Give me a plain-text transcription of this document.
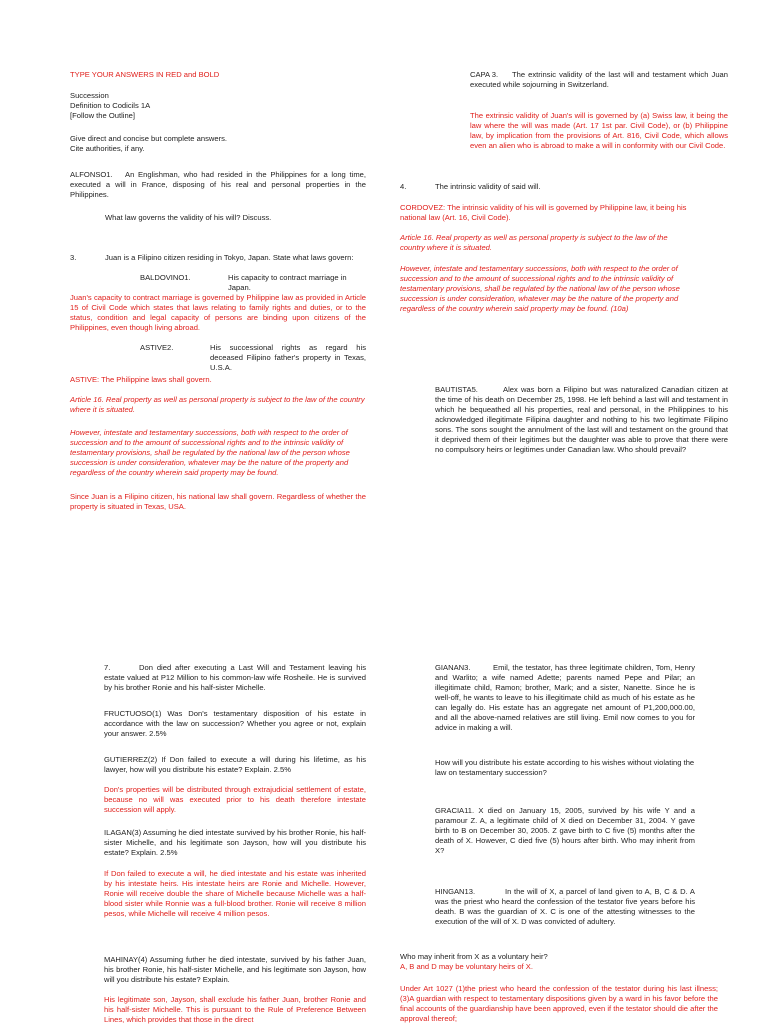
TYPE YOUR ANSWERS IN RED and BOLD

Succession
Definition to Codicils 1A
[Follow the Outline]
Give direct and concise but complete answers.
Cite authorities, if any.
ALFONSO1. An Englishman, who had resided in the Philippines for a long time, executed a will in France, disposing of his real and personal properties in the Philippines.

What law governs the validity of his will? Discuss.

3.	Juan is a Filipino citizen residing in Tokyo, Japan. State what laws govern:
BALDOVINO1.	His capacity to contract marriage in Japan.

Juan's capacity to contract marriage is governed by Philippine law as provided in Article 15 of Civil Code which states that laws relating to family rights and duties, or to the status, condition and legal capacity of persons are binding upon citizens of the Philippines, even though living abroad.

ASTIVE2.	His successional rights as regard his deceased Filipino father's property in Texas, U.S.A.

ASTIVE: The Philippine laws shall govern.

Article 16. Real property as well as personal property is subject to the law of the country where it is situated.

However, intestate and testamentary successions, both with respect to the order of succession and to the amount of successional rights and to the intrinsic validity of testamentary provisions, shall be regulated by the national law of the person whose succession is under consideration, whatever may be the nature of the property and regardless of the country wherein said property may be found.

Since Juan is a Filipino citizen, his national law shall govern. Regardless of whether the property is situated in Texas, USA.

CAPA 3. The extrinsic validity of the last will and testament which Juan executed while sojourning in Switzerland.

The extrinsic validity of Juan's will is governed by (a) Swiss law, it being the law where the will was made (Art. 17 1st par. Civil Code), or (b) Philippine law, by implication from the provisions of Art. 816, Civil Code, which allows even an alien who is abroad to make a will in conformity with our Civil Code.

4.	The intrinsic validity of said will.

CORDOVEZ: The intrinsic validity of his will is governed by Philippine law, it being his national law (Art. 16, Civil Code).

Article 16. Real property as well as personal property is subject to the law of the country where it is situated.

However, intestate and testamentary successions, both with respect to the order of succession and to the amount of successional rights and to the intrinsic validity of testamentary provisions, shall be regulated by the national law of the person whose succession is under consideration, whatever may be the nature of the property and regardless of the country wherein said property may be found. (10a)

BAUTISTA5.	Alex was born a Filipino but was naturalized Canadian citizen at the time of his death on December 25, 1998. He left behind a last will and testament in which he bequeathed all his properties, real and personal, in the Philippines to his acknowledged illegitimate Filipina daughter and nothing to his two legitimate Filipino sons. The sons sought the annulment of the last will and testament on the ground that it deprived them of their legitimes but the daughter was able to prove that there were no compulsory heirs or legitimes under Canadian law. Who should prevail?
7.	Don died after executing a Last Will and Testament leaving his estate valued at P12 Million to his common-law wife Rosheile. He is survived by his brother Ronie and his half-sister Michelle.

FRUCTUOSO(1) Was Don's testamentary disposition of his estate in accordance with the law on succession? Whether you agree or not, explain your answer. 2.5%

GUTIERREZ(2) If Don failed to execute a will during his lifetime, as his lawyer, how will you distribute his estate? Explain. 2.5%

Don's properties will be distributed through extrajudicial settlement of estate, because no will was executed prior to his death therefore intestate succession will apply.

ILAGAN(3) Assuming he died intestate survived by his brother Ronie, his half-sister Michelle, and his legitimate son Jayson, how will you distribute his estate? Explain. 2.5%

If Don failed to execute a will, he died intestate and his estate was inherited by his intestate heirs. His intestate heirs are Ronie and Michelle. However, Ronie will receive double the share of Michelle because Michelle was a half-blood sister while Ronnie was a full-blood brother. Ronie will receive 8 million pesos, while Michelle will receive 4 million pesos.

MAHINAY(4) Assuming futher he died intestate, survived by his father Juan, his brother Ronie, his half-sister Michelle, and his legitimate son Jayson, how will you distribute his estate? Explain.

His legitimate son, Jayson, shall exclude his father Juan, brother Ronie and his half-sister Michelle. This is pursuant to the Rule of Preference Between Lines, which provides that those in the direct

GIANAN3.	Emil, the testator, has three legitimate children, Tom, Henry and Warlito; a wife named Adette; parents named Pepe and Pilar; an illegitimate child, Ramon; brother, Mark; and a sister, Nanette. Since he is well-off, he wants to leave to his illegitimate child as much of his estate as he can legally do. His estate has an aggregate net amount of P1,200,000.00, and all the above-named relatives are still living. Emil now comes to you for advice in making a will.

How will you distribute his estate according to his wishes without violating the law on testamentary succession?

GRACIA11. X died on January 15, 2005, survived by his wife Y and a paramour Z. A, a legitimate child of X died on December 31, 2004. Y gave birth to B on December 30, 2005. Z gave birth to C five (5) months after the death of X. However, C died five (5) hours after birth. Who may inherit from X?

HINGAN13.	In the will of X, a parcel of land given to A, B, C & D. A was the priest who heard the confession of the testator five years before his death. B was the guardian of X. C is one of the attesting witnesses to the execution of the will of X. D was convicted of adultery.

Who may inherit from X as a voluntary heir?

A, B and D may be voluntary heirs of X.

Under Art 1027 (1)the priest who heard the confession of the testator during his last illness; (3)A guardian with respect to testamentary dispositions given by a ward in his favor before the final accounts of the guardianship have been approved, even if the testator should die after the approval thereof;
